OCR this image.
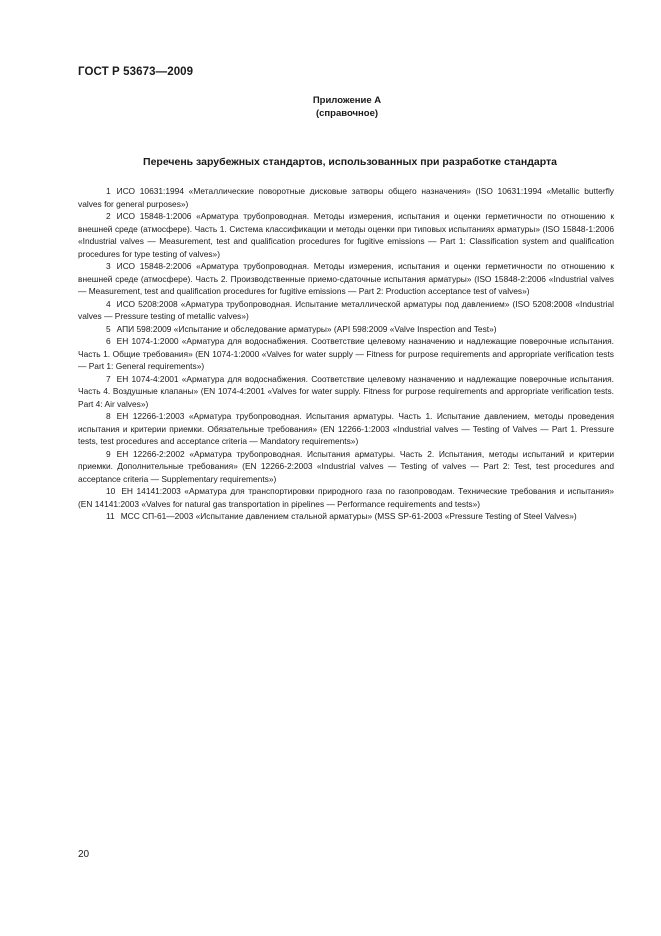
ГОСТ Р 53673—2009
Приложение А
(справочное)
Перечень зарубежных стандартов, использованных при разработке стандарта

1 ИСО 10631:1994 «Металлические поворотные дисковые затворы общего назначения» (ISO 10631:1994 «Metallic butterfly valves for general purposes»)

2 ИСО 15848-1:2006 «Арматура трубопроводная. Методы измерения, испытания и оценки герметичности по отношению к внешней среде (атмосфере). Часть 1. Система классификации и методы оценки при типовых испытаниях арматуры» (ISO 15848-1:2006 «Industrial valves — Measurement, test and qualification procedures for fugitive emissions — Part 1: Classification system and qualification procedures for type testing of valves»)

3 ИСО 15848-2:2006 «Арматура трубопроводная. Методы измерения, испытания и оценки герметичности по отношению к внешней среде (атмосфере). Часть 2. Производственные приемо-сдаточные испытания арматуры» (ISO 15848-2:2006 «Industrial valves — Measurement, test and qualification procedures for fugitive emissions — Part 2: Production acceptance test of valves»)

4 ИСО 5208:2008 «Арматура трубопроводная. Испытание металлической арматуры под давлением» (ISO 5208:2008 «Industrial valves — Pressure testing of metallic valves»)

5 АПИ 598:2009 «Испытание и обследование арматуры» (API 598:2009 «Valve Inspection and Test»)

6 ЕН 1074-1:2000 «Арматура для водоснабжения. Соответствие целевому назначению и надлежащие поверочные испытания. Часть 1. Общие требования» (EN 1074-1:2000 «Valves for water supply — Fitness for purpose requirements and appropriate verification tests — Part 1: General requirements»)

7 ЕН 1074-4:2001 «Арматура для водоснабжения. Соответствие целевому назначению и надлежащие поверочные испытания. Часть 4. Воздушные клапаны» (EN 1074-4:2001 «Valves for water supply. Fitness for purpose requirements and appropriate verification tests. Part 4: Air valves»)

8 ЕН 12266-1:2003 «Арматура трубопроводная. Испытания арматуры. Часть 1. Испытание давлением, методы проведения испытания и критерии приемки. Обязательные требования» (EN 12266-1:2003 «Industrial valves — Testing of Valves — Part 1. Pressure tests, test procedures and acceptance criteria — Mandatory requirements»)

9 ЕН 12266-2:2002 «Арматура трубопроводная. Испытания арматуры. Часть 2. Испытания, методы испытаний и критерии приемки. Дополнительные требования» (EN 12266-2:2003 «Industrial valves — Testing of valves — Part 2: Test, test procedures and acceptance criteria — Supplementary requirements»)

10 ЕН 14141:2003 «Арматура для транспортировки природного газа по газопроводам. Технические требования и испытания» (EN 14141:2003 «Valves for natural gas transportation in pipelines — Performance requirements and tests»)

11 МСС СП-61—2003 «Испытание давлением стальной арматуры» (MSS SP-61-2003 «Pressure Testing of Steel Valves»)

20
